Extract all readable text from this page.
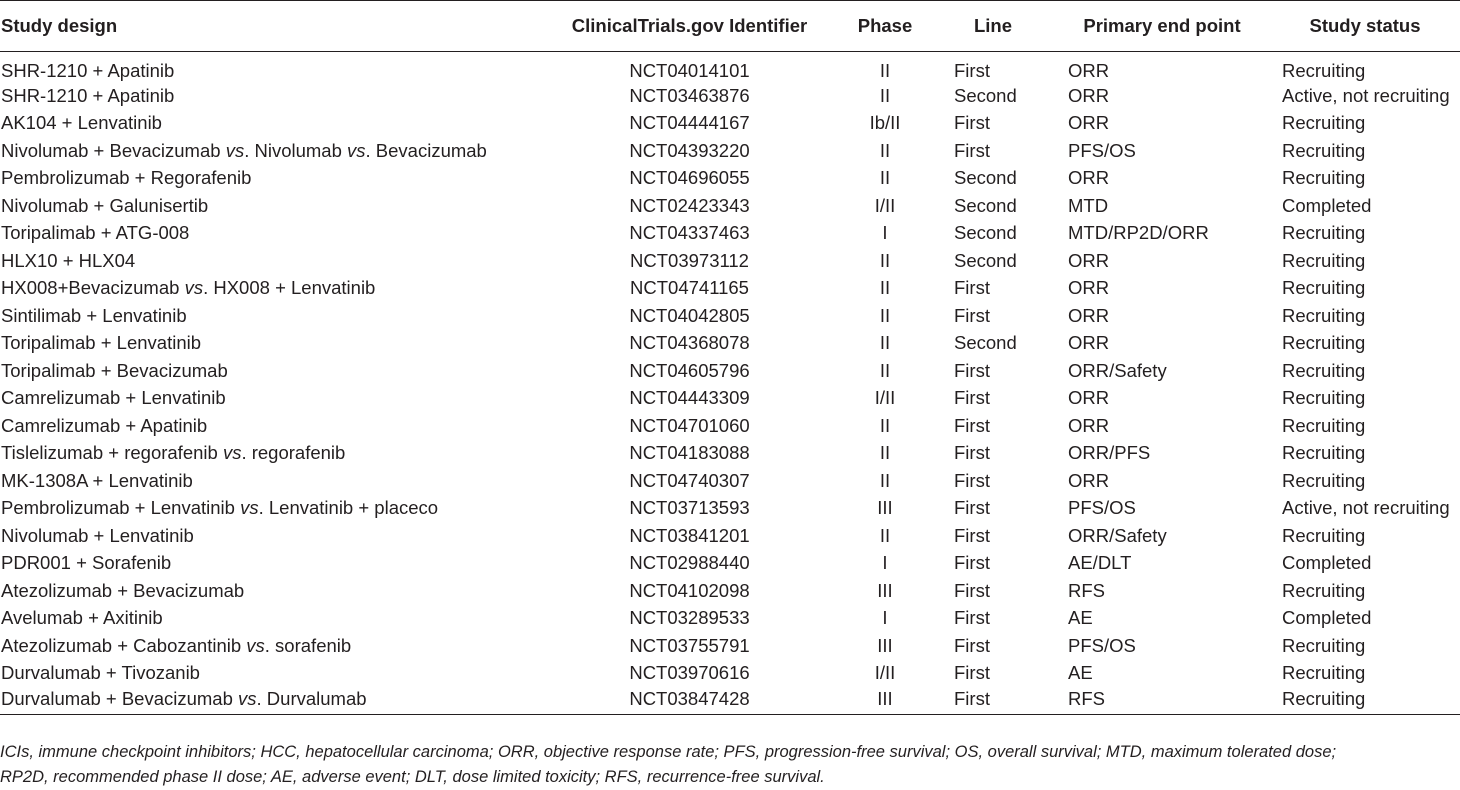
Study design	ClinicalTrials.gov Identifier	Phase	Line	Primary end point	Study status
SHR-1210 + Apatinib	NCT04014101	II	First	ORR	Recruiting
SHR-1210 + Apatinib	NCT03463876	II	Second	ORR	Active, not recruiting
AK104 + Lenvatinib	NCT04444167	Ib/II	First	ORR	Recruiting
Nivolumab + Bevacizumab vs. Nivolumab vs. Bevacizumab	NCT04393220	II	First	PFS/OS	Recruiting
Pembrolizumab + Regorafenib	NCT04696055	II	Second	ORR	Recruiting
Nivolumab + Galunisertib	NCT02423343	I/II	Second	MTD	Completed
Toripalimab + ATG-008	NCT04337463	I	Second	MTD/RP2D/ORR	Recruiting
HLX10 + HLX04	NCT03973112	II	Second	ORR	Recruiting
HX008+Bevacizumab vs. HX008 + Lenvatinib	NCT04741165	II	First	ORR	Recruiting
Sintilimab + Lenvatinib	NCT04042805	II	First	ORR	Recruiting
Toripalimab + Lenvatinib	NCT04368078	II	Second	ORR	Recruiting
Toripalimab + Bevacizumab	NCT04605796	II	First	ORR/Safety	Recruiting
Camrelizumab + Lenvatinib	NCT04443309	I/II	First	ORR	Recruiting
Camrelizumab + Apatinib	NCT04701060	II	First	ORR	Recruiting
Tislelizumab + regorafenib vs. regorafenib	NCT04183088	II	First	ORR/PFS	Recruiting
MK-1308A + Lenvatinib	NCT04740307	II	First	ORR	Recruiting
Pembrolizumab + Lenvatinib vs. Lenvatinib + placeco	NCT03713593	III	First	PFS/OS	Active, not recruiting
Nivolumab + Lenvatinib	NCT03841201	II	First	ORR/Safety	Recruiting
PDR001 + Sorafenib	NCT02988440	I	First	AE/DLT	Completed
Atezolizumab + Bevacizumab	NCT04102098	III	First	RFS	Recruiting
Avelumab + Axitinib	NCT03289533	I	First	AE	Completed
Atezolizumab + Cabozantinib vs. sorafenib	NCT03755791	III	First	PFS/OS	Recruiting
Durvalumab + Tivozanib	NCT03970616	I/II	First	AE	Recruiting
Durvalumab + Bevacizumab vs. Durvalumab	NCT03847428	III	First	RFS	Recruiting
ICIs, immune checkpoint inhibitors; HCC, hepatocellular carcinoma; ORR, objective response rate; PFS, progression-free survival; OS, overall survival; MTD, maximum tolerated dose;
RP2D, recommended phase II dose; AE, adverse event; DLT, dose limited toxicity; RFS, recurrence-free survival.
